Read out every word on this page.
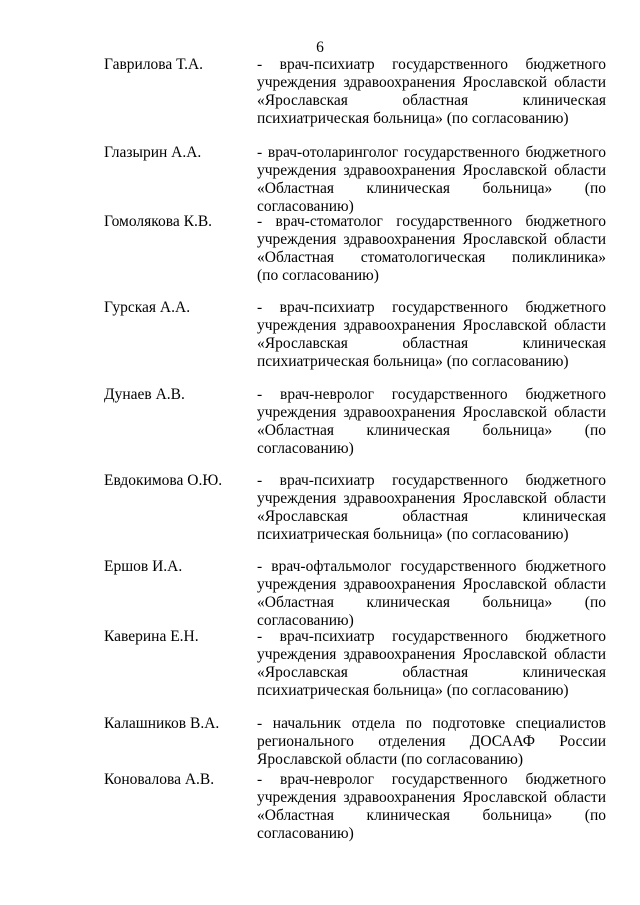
6
Гаврилова Т.А.	- врач-психиатр государственного бюджетного
учреждения здравоохранения Ярославской области
«Ярославская областная клиническая
психиатрическая больница» (по согласованию)
Глазырин А.А.	- врач-отоларинголог государственного бюджетного
учреждения здравоохранения Ярославской области
«Областная клиническая больница» (по согласованию)
Гомолякова К.В.	- врач-стоматолог государственного бюджетного
учреждения здравоохранения Ярославской области
«Областная стоматологическая поликлиника»
(по согласованию)
Гурская А.А.	- врач-психиатр государственного бюджетного
учреждения здравоохранения Ярославской области
«Ярославская областная клиническая
психиатрическая больница» (по согласованию)
Дунаев А.В.	- врач-невролог государственного бюджетного
учреждения здравоохранения Ярославской области
«Областная клиническая больница» (по
согласованию)
Евдокимова О.Ю. - врач-психиатр государственного бюджетного
учреждения здравоохранения Ярославской области
«Ярославская областная клиническая
психиатрическая больница» (по согласованию)
Ершов И.А.	- врач-офтальмолог государственного бюджетного
учреждения здравоохранения Ярославской области
«Областная клиническая больница» (по согласованию)
Каверина Е.Н.	- врач-психиатр государственного бюджетного
учреждения здравоохранения Ярославской области
«Ярославская областная клиническая
психиатрическая больница» (по согласованию)
Калашников В.А. - начальник отдела по подготовке специалистов
регионального отделения ДОСААФ России
Ярославской области (по согласованию)
Коновалова А.В.	- врач-невролог государственного бюджетного
учреждения здравоохранения Ярославской области
«Областная клиническая больница» (по
согласованию)
